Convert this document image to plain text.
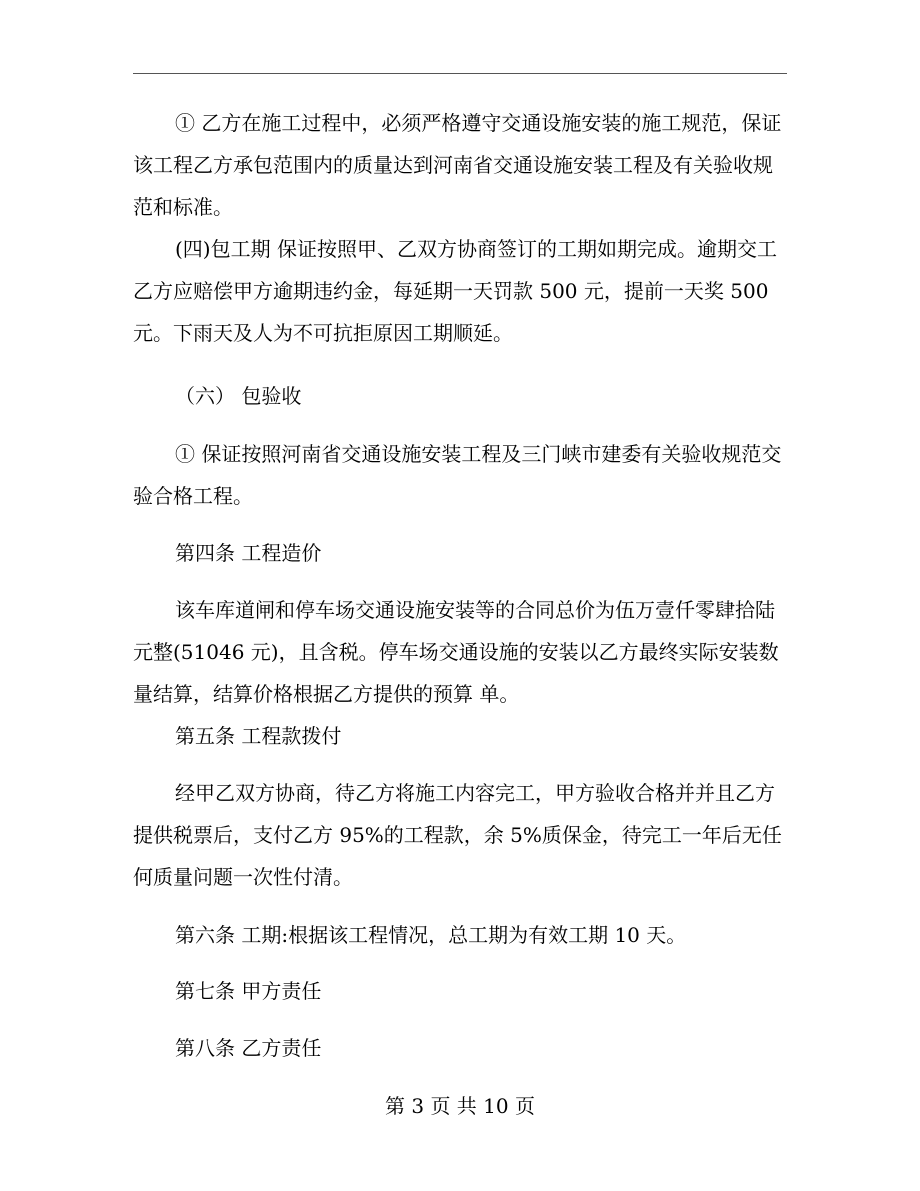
① 乙方在施工过程中，必须严格遵守交通设施安装的施工规范，保证该工程乙方承包范围内的质量达到河南省交通设施安装工程及有关验收规范和标准。

(四)包工期 保证按照甲、乙双方协商签订的工期如期完成。逾期交工乙方应赔偿甲方逾期违约金，每延期一天罚款 500 元，提前一天奖 500 元。下雨天及人为不可抗拒原因工期顺延。

（六） 包验收

① 保证按照河南省交通设施安装工程及三门峡市建委有关验收规范交验合格工程。

第四条 工程造价

该车库道闸和停车场交通设施安装等的合同总价为伍万壹仟零肆拾陆元整(51046 元)，且含税。停车场交通设施的安装以乙方最终实际安装数量结算，结算价格根据乙方提供的预算 单。

第五条 工程款拨付

经甲乙双方协商，待乙方将施工内容完工，甲方验收合格并并且乙方提供税票后，支付乙方 95%的工程款，余 5%质保金，待完工一年后无任何质量问题一次性付清。

第六条 工期:根据该工程情况，总工期为有效工期 10 天。

第七条 甲方责任

第八条 乙方责任

第 3 页 共 10 页
